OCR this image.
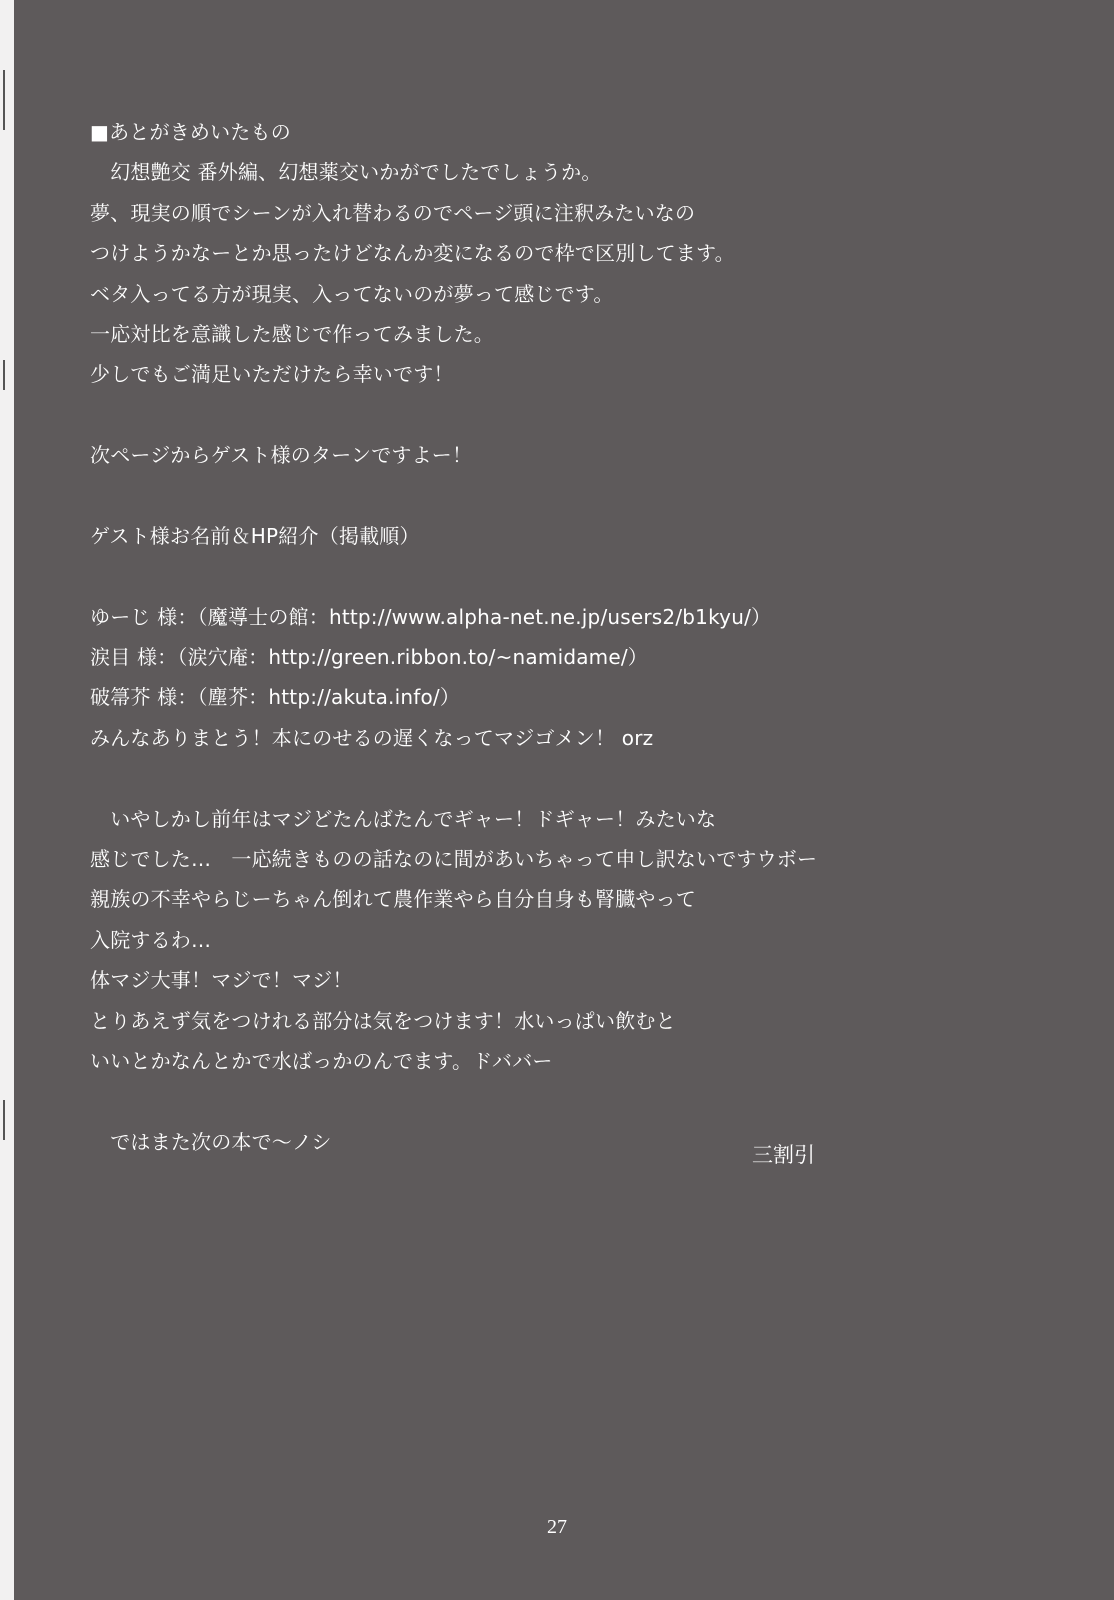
■あとがきめいたもの
　幻想艶交 番外編、幻想薬交いかがでしたでしょうか。
夢、現実の順でシーンが入れ替わるのでページ頭に注釈みたいなの
つけようかなーとか思ったけどなんか変になるので枠で区別してます。
ベタ入ってる方が現実、入ってないのが夢って感じです。
一応対比を意識した感じで作ってみました。
少しでもご満足いただけたら幸いです！
次ページからゲスト様のターンですよー！
ゲスト様お名前＆HP紹介（掲載順）
ゆーじ 様：（魔導士の館：http://www.alpha-net.ne.jp/users2/b1kyu/）
涙目 様：（涙穴庵：http://green.ribbon.to/~namidame/）
破箒芥 様：（塵芥：http://akuta.info/）
みんなありまとう！本にのせるの遅くなってマジゴメン！ orz
　いやしかし前年はマジどたんばたんでギャー！ドギャー！みたいな
感じでした…　一応続きものの話なのに間があいちゃって申し訳ないですウボー
親族の不幸やらじーちゃん倒れて農作業やら自分自身も腎臓やって
入院するわ…
体マジ大事！マジで！マジ！
とりあえず気をつけれる部分は気をつけます！水いっぱい飲むと
いいとかなんとかで水ばっかのんでます。ドババー
　ではまた次の本で～ノシ
三割引
27
